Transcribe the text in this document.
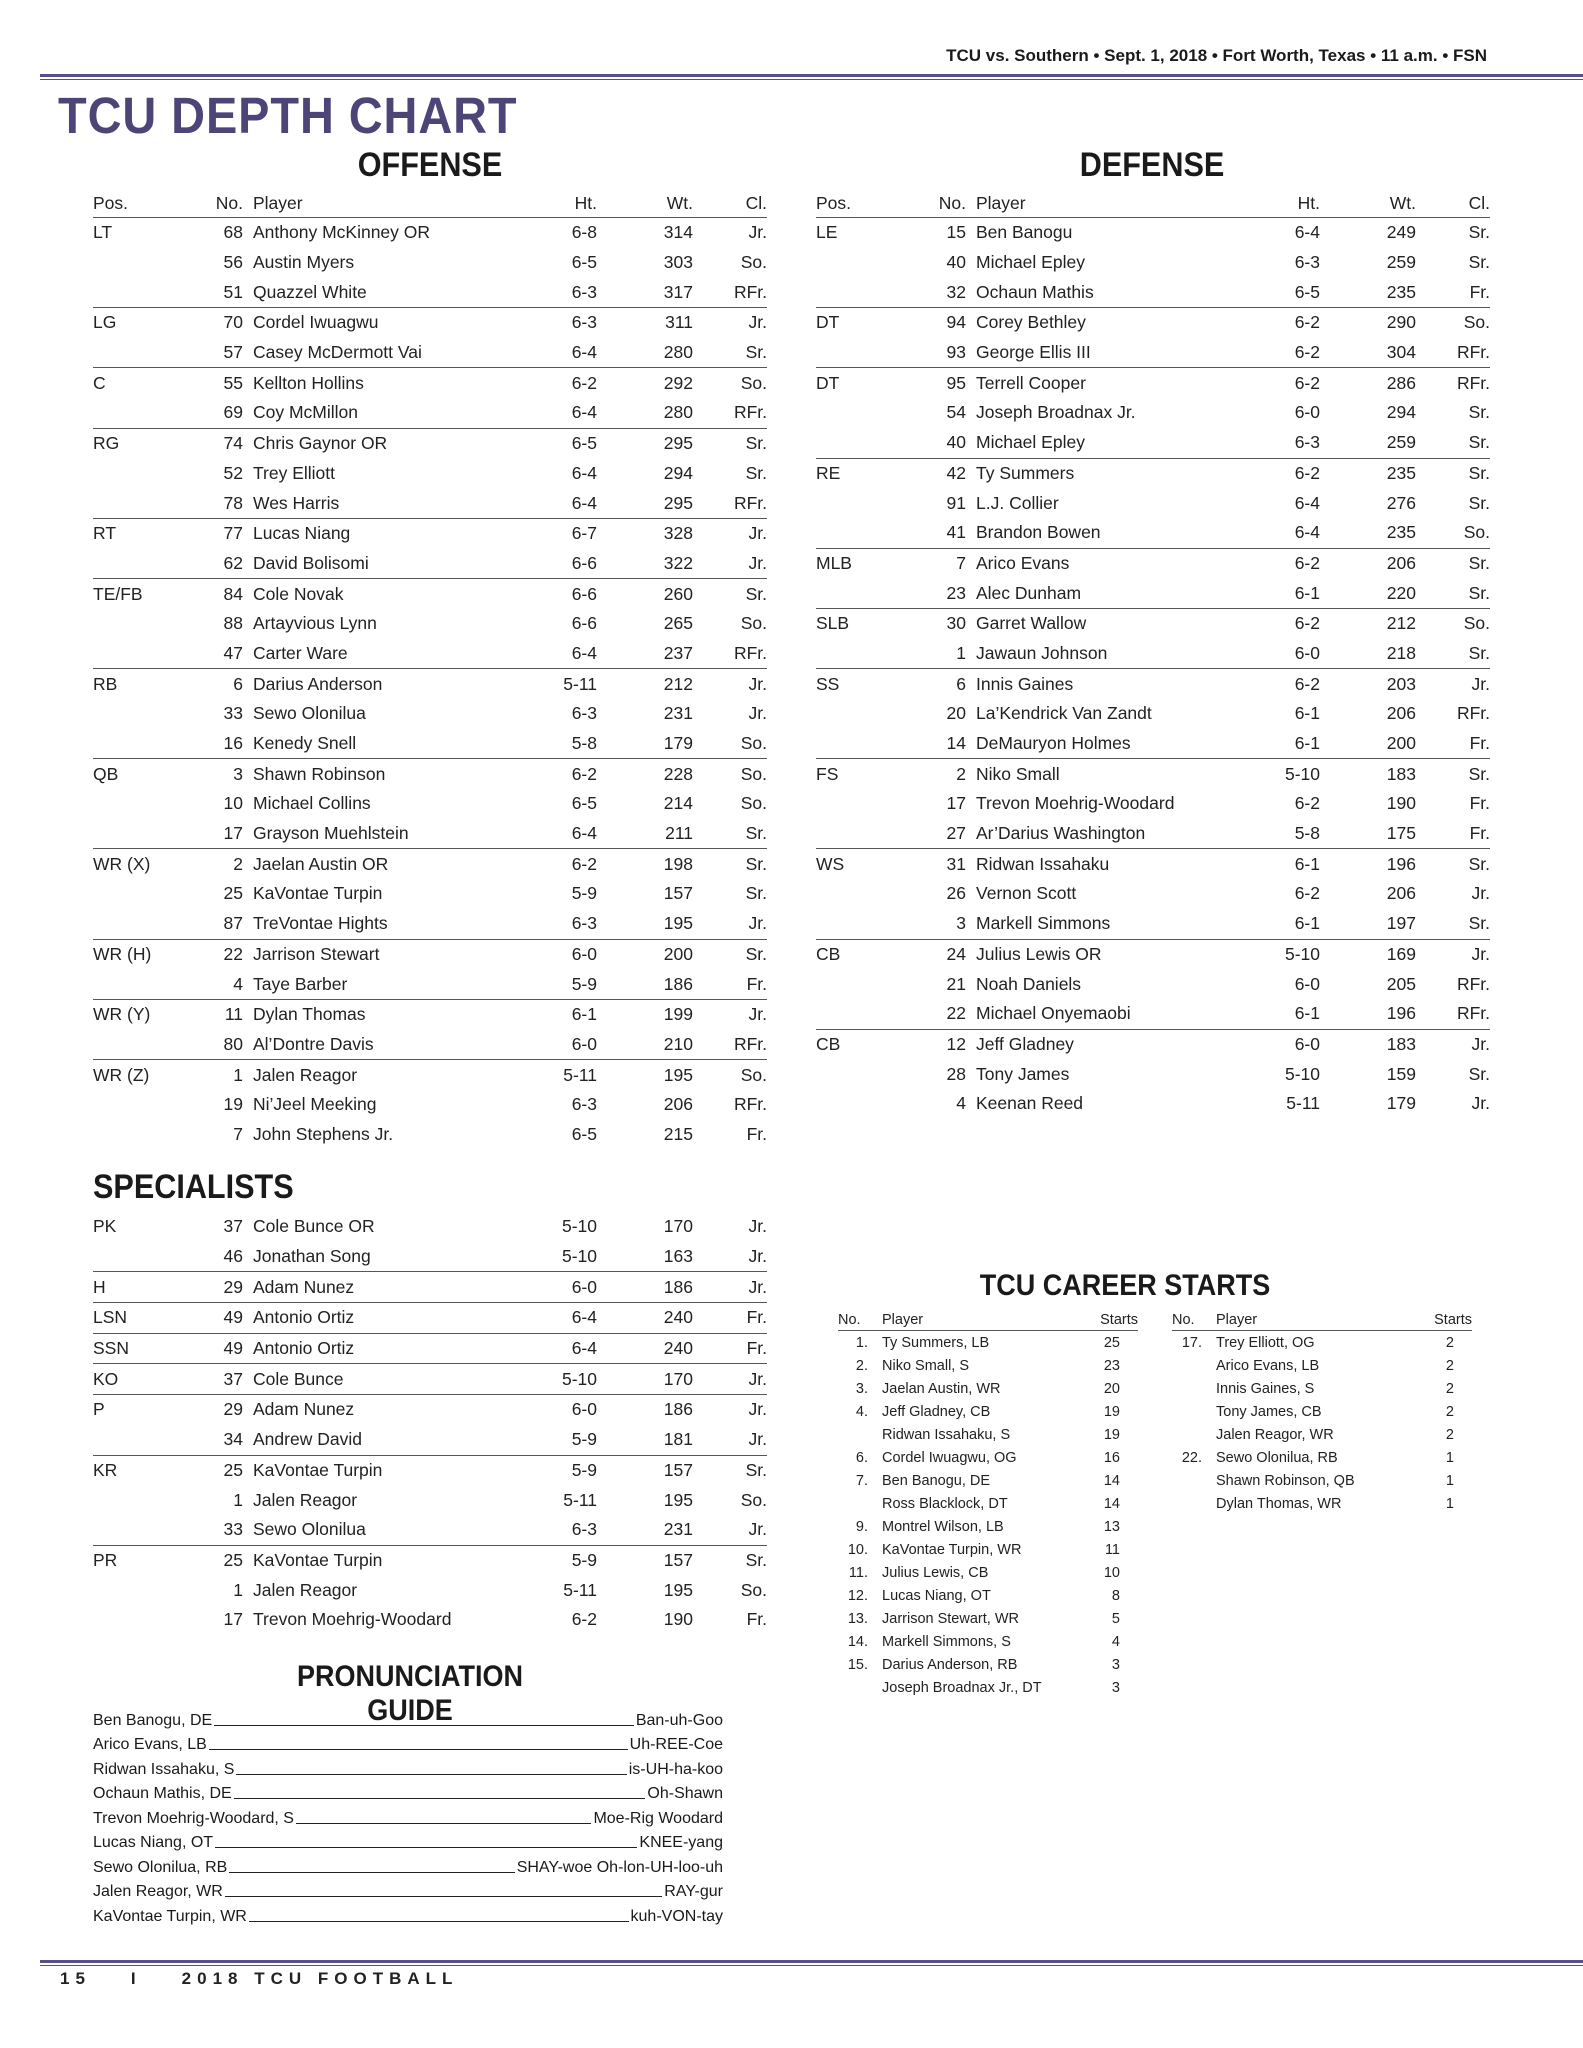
TCU vs. Southern • Sept. 1, 2018 • Fort Worth, Texas • 11 a.m. • FSN
TCU DEPTH CHART
OFFENSE	DEFENSE
Pos.	No.	Player	Ht.	Wt.	Cl.
LT	68	Anthony McKinney OR	6-8	314	Jr.
	56	Austin Myers	6-5	303	So.
	51	Quazzel White	6-3	317	RFr.
LG	70	Cordel Iwuagwu	6-3	311	Jr.
	57	Casey McDermott Vai	6-4	280	Sr.
C	55	Kellton Hollins	6-2	292	So.
	69	Coy McMillon	6-4	280	RFr.
RG	74	Chris Gaynor OR	6-5	295	Sr.
	52	Trey Elliott	6-4	294	Sr.
	78	Wes Harris	6-4	295	RFr.
RT	77	Lucas Niang	6-7	328	Jr.
	62	David Bolisomi	6-6	322	Jr.
TE/FB	84	Cole Novak	6-6	260	Sr.
	88	Artayvious Lynn	6-6	265	So.
	47	Carter Ware	6-4	237	RFr.
RB	6	Darius Anderson	5-11	212	Jr.
	33	Sewo Olonilua	6-3	231	Jr.
	16	Kenedy Snell	5-8	179	So.
QB	3	Shawn Robinson	6-2	228	So.
	10	Michael Collins	6-5	214	So.
	17	Grayson Muehlstein	6-4	211	Sr.
WR (X)	2	Jaelan Austin OR	6-2	198	Sr.
	25	KaVontae Turpin	5-9	157	Sr.
	87	TreVontae Hights	6-3	195	Jr.
WR (H)	22	Jarrison Stewart	6-0	200	Sr.
	4	Taye Barber	5-9	186	Fr.
WR (Y)	11	Dylan Thomas	6-1	199	Jr.
	80	Al’Dontre Davis	6-0	210	RFr.
WR (Z)	1	Jalen Reagor	5-11	195	So.
	19	Ni’Jeel Meeking	6-3	206	RFr.
	7	John Stephens Jr.	6-5	215	Fr.
Pos.	No.	Player	Ht.	Wt.	Cl.
LE	15	Ben Banogu	6-4	249	Sr.
	40	Michael Epley	6-3	259	Sr.
	32	Ochaun Mathis	6-5	235	Fr.
DT	94	Corey Bethley	6-2	290	So.
	93	George Ellis III	6-2	304	RFr.
DT	95	Terrell Cooper	6-2	286	RFr.
	54	Joseph Broadnax Jr.	6-0	294	Sr.
	40	Michael Epley	6-3	259	Sr.
RE	42	Ty Summers	6-2	235	Sr.
	91	L.J. Collier	6-4	276	Sr.
	41	Brandon Bowen	6-4	235	So.
MLB	7	Arico Evans	6-2	206	Sr.
	23	Alec Dunham	6-1	220	Sr.
SLB	30	Garret Wallow	6-2	212	So.
	1	Jawaun Johnson	6-0	218	Sr.
SS	6	Innis Gaines	6-2	203	Jr.
	20	La’Kendrick Van Zandt	6-1	206	RFr.
	14	DeMauryon Holmes	6-1	200	Fr.
FS	2	Niko Small	5-10	183	Sr.
	17	Trevon Moehrig-Woodard	6-2	190	Fr.
	27	Ar’Darius Washington	5-8	175	Fr.
WS	31	Ridwan Issahaku	6-1	196	Sr.
	26	Vernon Scott	6-2	206	Jr.
	3	Markell Simmons	6-1	197	Sr.
CB	24	Julius Lewis OR	5-10	169	Jr.
	21	Noah Daniels	6-0	205	RFr.
	22	Michael Onyemaobi	6-1	196	RFr.
CB	12	Jeff Gladney	6-0	183	Jr.
	28	Tony James	5-10	159	Sr.
	4	Keenan Reed	5-11	179	Jr.
SPECIALISTS
PK	37	Cole Bunce OR	5-10	170	Jr.
	46	Jonathan Song	5-10	163	Jr.
H	29	Adam Nunez	6-0	186	Jr.
LSN	49	Antonio Ortiz	6-4	240	Fr.
SSN	49	Antonio Ortiz	6-4	240	Fr.
KO	37	Cole Bunce	5-10	170	Jr.
P	29	Adam Nunez	6-0	186	Jr.
	34	Andrew David	5-9	181	Jr.
KR	25	KaVontae Turpin	5-9	157	Sr.
	1	Jalen Reagor	5-11	195	So.
	33	Sewo Olonilua	6-3	231	Jr.
PR	25	KaVontae Turpin	5-9	157	Sr.
	1	Jalen Reagor	5-11	195	So.
	17	Trevon Moehrig-Woodard	6-2	190	Fr.
TCU CAREER STARTS
No.	Player	Starts
1.	Ty Summers, LB	25
2.	Niko Small, S	23
3.	Jaelan Austin, WR	20
4.	Jeff Gladney, CB	19
	Ridwan Issahaku, S	19
6.	Cordel Iwuagwu, OG	16
7.	Ben Banogu, DE	14
	Ross Blacklock, DT	14
9.	Montrel Wilson, LB	13
10.	KaVontae Turpin, WR	11
11.	Julius Lewis, CB	10
12.	Lucas Niang, OT	8
13.	Jarrison Stewart, WR	5
14.	Markell Simmons, S	4
15.	Darius Anderson, RB	3
	Joseph Broadnax Jr., DT	3
No.	Player	Starts
17.	Trey Elliott, OG	2
	Arico Evans, LB	2
	Innis Gaines, S	2
	Tony James, CB	2
	Jalen Reagor, WR	2
22.	Sewo Olonilua, RB	1
	Shawn Robinson, QB	1
	Dylan Thomas, WR	1
PRONUNCIATION GUIDE
Ben Banogu, DE	Ban-uh-Goo
Arico Evans, LB	Uh-REE-Coe
Ridwan Issahaku, S	is-UH-ha-koo
Ochaun Mathis, DE	Oh-Shawn
Trevon Moehrig-Woodard, S	Moe-Rig Woodard
Lucas Niang, OT	KNEE-yang
Sewo Olonilua, RB	SHAY-woe Oh-lon-UH-loo-uh
Jalen Reagor, WR	RAY-gur
KaVontae Turpin, WR	kuh-VON-tay
15 I 2018 TCU FOOTBALL
